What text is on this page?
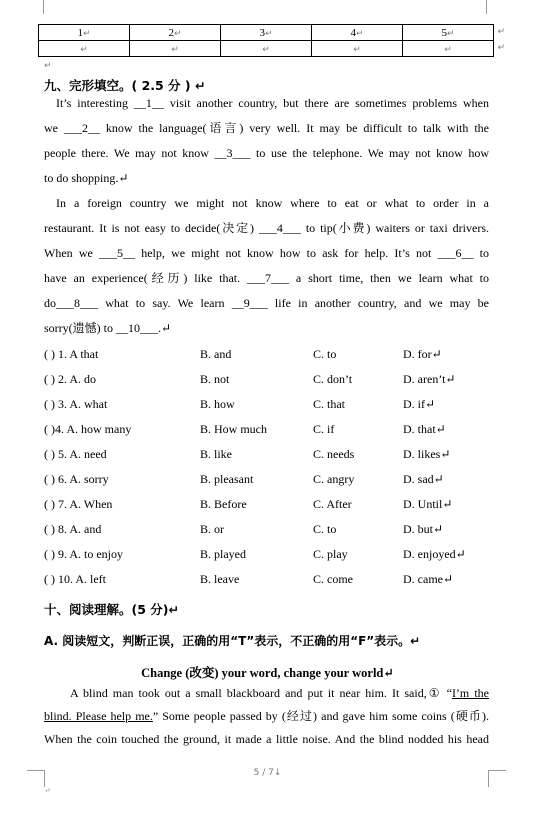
1↵	2↵	3↵	4↵	5↵ ↵

↵	↵	↵	↵	↵ ↵
↵
九、完形填空。( 2.5 分 ) ↵
It’s interesting __1__ visit another country, but there are sometimes problems when
we ___2__ know the language(语言) very well. It may be difficult to talk with the
people there. We may not know __3___ to use the telephone. We may not know how
to do shopping.↵
In a foreign country we might not know where to eat or what to order in a
restaurant. It is not easy to decide(决定) ___4___ to tip(小费) waiters or taxi drivers.
When we ___5__ help, we might not know how to ask for help. It’s not ___6__ to
have an experience(经历) like that. ___7___ a short time, then we learn what to
do___8___ what to say. We learn __9___ life in another country, and we may be
sorry(遗憾) to __10___.↵
( ) 1. A that	B. and	C. to	D. for↵
( ) 2. A. do	B. not	C. don’t	D. aren’t↵
( ) 3. A. what	B. how	C. that	D. if↵
( )4. A. how many	B. How much	C. if	D. that↵
( ) 5. A. need	B. like	C. needs	D. likes↵
( ) 6. A. sorry	B. pleasant	C. angry	D. sad↵
( ) 7. A. When	B. Before	C. After	D. Until↵
( ) 8. A. and	B. or	C. to	D. but↵
( ) 9. A. to enjoy	B. played	C. play	D. enjoyed↵
( ) 10. A. left	B. leave	C. come	D. came↵
十、阅读理解。(5 分)↵
A. 阅读短文，判断正误，正确的用“T”表示，不正确的用“F”表示。↵
Change (改变) your word, change your world↵
A blind man took out a small blackboard and put it near him. It said,① “I’m the
blind. Please help me.” Some people passed by (经过) and gave him some coins (硬币).
When the coin touched the ground, it made a little noise. And the blind nodded his head
5 / 7↓
↵
